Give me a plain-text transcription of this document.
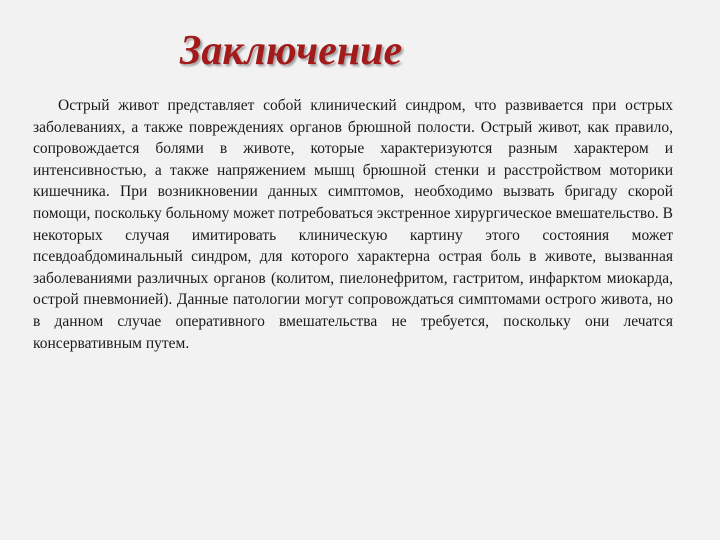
Заключение

Острый живот представляет собой клинический синдром, что развивается при острых заболеваниях, а также повреждениях органов брюшной полости. Острый живот, как правило, сопровождается болями в животе, которые характеризуются разным характером и интенсивностью, а также напряжением мышц брюшной стенки и расстройством моторики кишечника. При возникновении данных симптомов, необходимо вызвать бригаду скорой помощи, поскольку больному может потребоваться экстренное хирургическое вмешательство. В некоторых случая имитировать клиническую картину этого состояния может псевдоабдоминальный синдром, для которого характерна острая боль в животе, вызванная заболеваниями различных органов (колитом, пиелонефритом, гастритом, инфарктом миокарда, острой пневмонией). Данные патологии могут сопровождаться симптомами острого живота, но в данном случае оперативного вмешательства не требуется, поскольку они лечатся консервативным путем.
